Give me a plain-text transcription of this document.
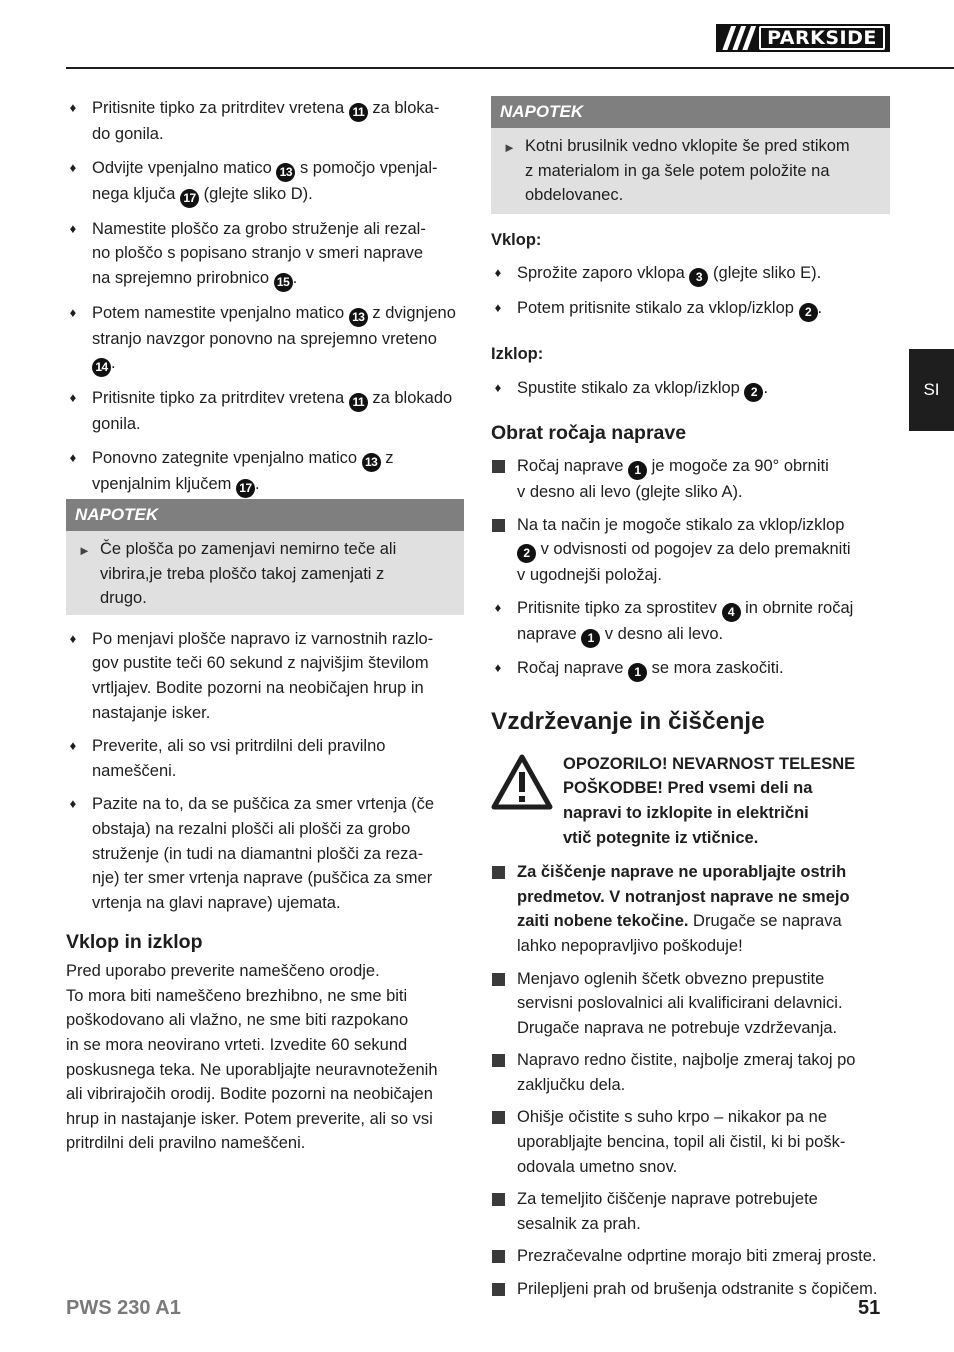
PARKSIDE
♦ Pritisnite tipko za pritrditev vretena 11 za bloka-
do gonila.
♦ Odvijte vpenjalno matico 13 s pomočjo vpenjal-
nega ključa 17 (glejte sliko D).
♦ Namestite ploščo za grobo struženje ali rezal-
no ploščo s popisano stranjo v smeri naprave
na sprejemno prirobnico 15 .
♦ Potem namestite vpenjalno matico 13 z dvignjeno
stranjo navzgor ponovno na sprejemno vreteno
14 .
♦ Pritisnite tipko za pritrditev vretena 11 za blokado
gonila.
♦ Ponovno zategnite vpenjalno matico 13 z
vpenjalnim ključem 17 .
NAPOTEK
► Če plošča po zamenjavi nemirno teče ali
vibrira,je treba ploščo takoj zamenjati z
drugo.
♦ Po menjavi plošče napravo iz varnostnih razlo-
gov pustite teči 60 sekund z najvišjim številom
vrtljajev. Bodite pozorni na neobičajen hrup in
nastajanje isker.
♦ Preverite, ali so vsi pritrdilni deli pravilno
nameščeni.
♦ Pazite na to, da se puščica za smer vrtenja (če
obstaja) na rezalni plošči ali plošči za grobo
struženje (in tudi na diamantni plošči za reza-
nje) ter smer vrtenja naprave (puščica za smer
vrtenja na glavi naprave) ujemata.
Vklop in izklop
Pred uporabo preverite nameščeno orodje.
To mora biti nameščeno brezhibno, ne sme biti
poškodovano ali vlažno, ne sme biti razpokano
in se mora neovirano vrteti. Izvedite 60 sekund
poskusnega teka. Ne uporabljajte neuravnoteženih
ali vibrirajočih orodij. Bodite pozorni na neobičajen
hrup in nastajanje isker. Potem preverite, ali so vsi
pritrdilni deli pravilno nameščeni.
NAPOTEK
► Kotni brusilnik vedno vklopite še pred stikom
z materialom in ga šele potem položite na
obdelovanec.
Vklop:
♦ Sprožite zaporo vklopa 3 (glejte sliko E).
♦ Potem pritisnite stikalo za vklop/izklop 2 .
Izklop:
♦ Spustite stikalo za vklop/izklop 2 .
Obrat ročaja naprave
Ročaj naprave 1 je mogoče za 90° obrniti
v desno ali levo (glejte sliko A).
Na ta način je mogoče stikalo za vklop/izklop
2 v odvisnosti od pogojev za delo premakniti
v ugodnejši položaj.
♦ Pritisnite tipko za sprostitev 4 in obrnite ročaj
naprave 1 v desno ali levo.
♦ Ročaj naprave 1 se mora zaskočiti.
Vzdrževanje in čiščenje
OPOZORILO! NEVARNOST TELESNE
POŠKODBE! Pred vsemi deli na
napravi to izklopite in električni
vtič potegnite iz vtičnice.
Za čiščenje naprave ne uporabljajte ostrih
predmetov. V notranjost naprave ne smejo
zaiti nobene tekočine. Drugače se naprava
lahko nepopravljivo poškoduje!
Menjavo oglenih ščetk obvezno prepustite
servisni poslovalnici ali kvalificirani delavnici.
Drugače naprava ne potrebuje vzdrževanja.
Napravo redno čistite, najbolje zmeraj takoj po
zaključku dela.
Ohišje očistite s suho krpo – nikakor pa ne
uporabljajte bencina, topil ali čistil, ki bi poškodovala umetno snov.
Za temeljito čiščenje naprave potrebujete
sesalnik za prah.
Prezračevalne odprtine morajo biti zmeraj proste.
Prilepljeni prah od brušenja odstranite s čopičem.
SI
PWS 230 A1	51
